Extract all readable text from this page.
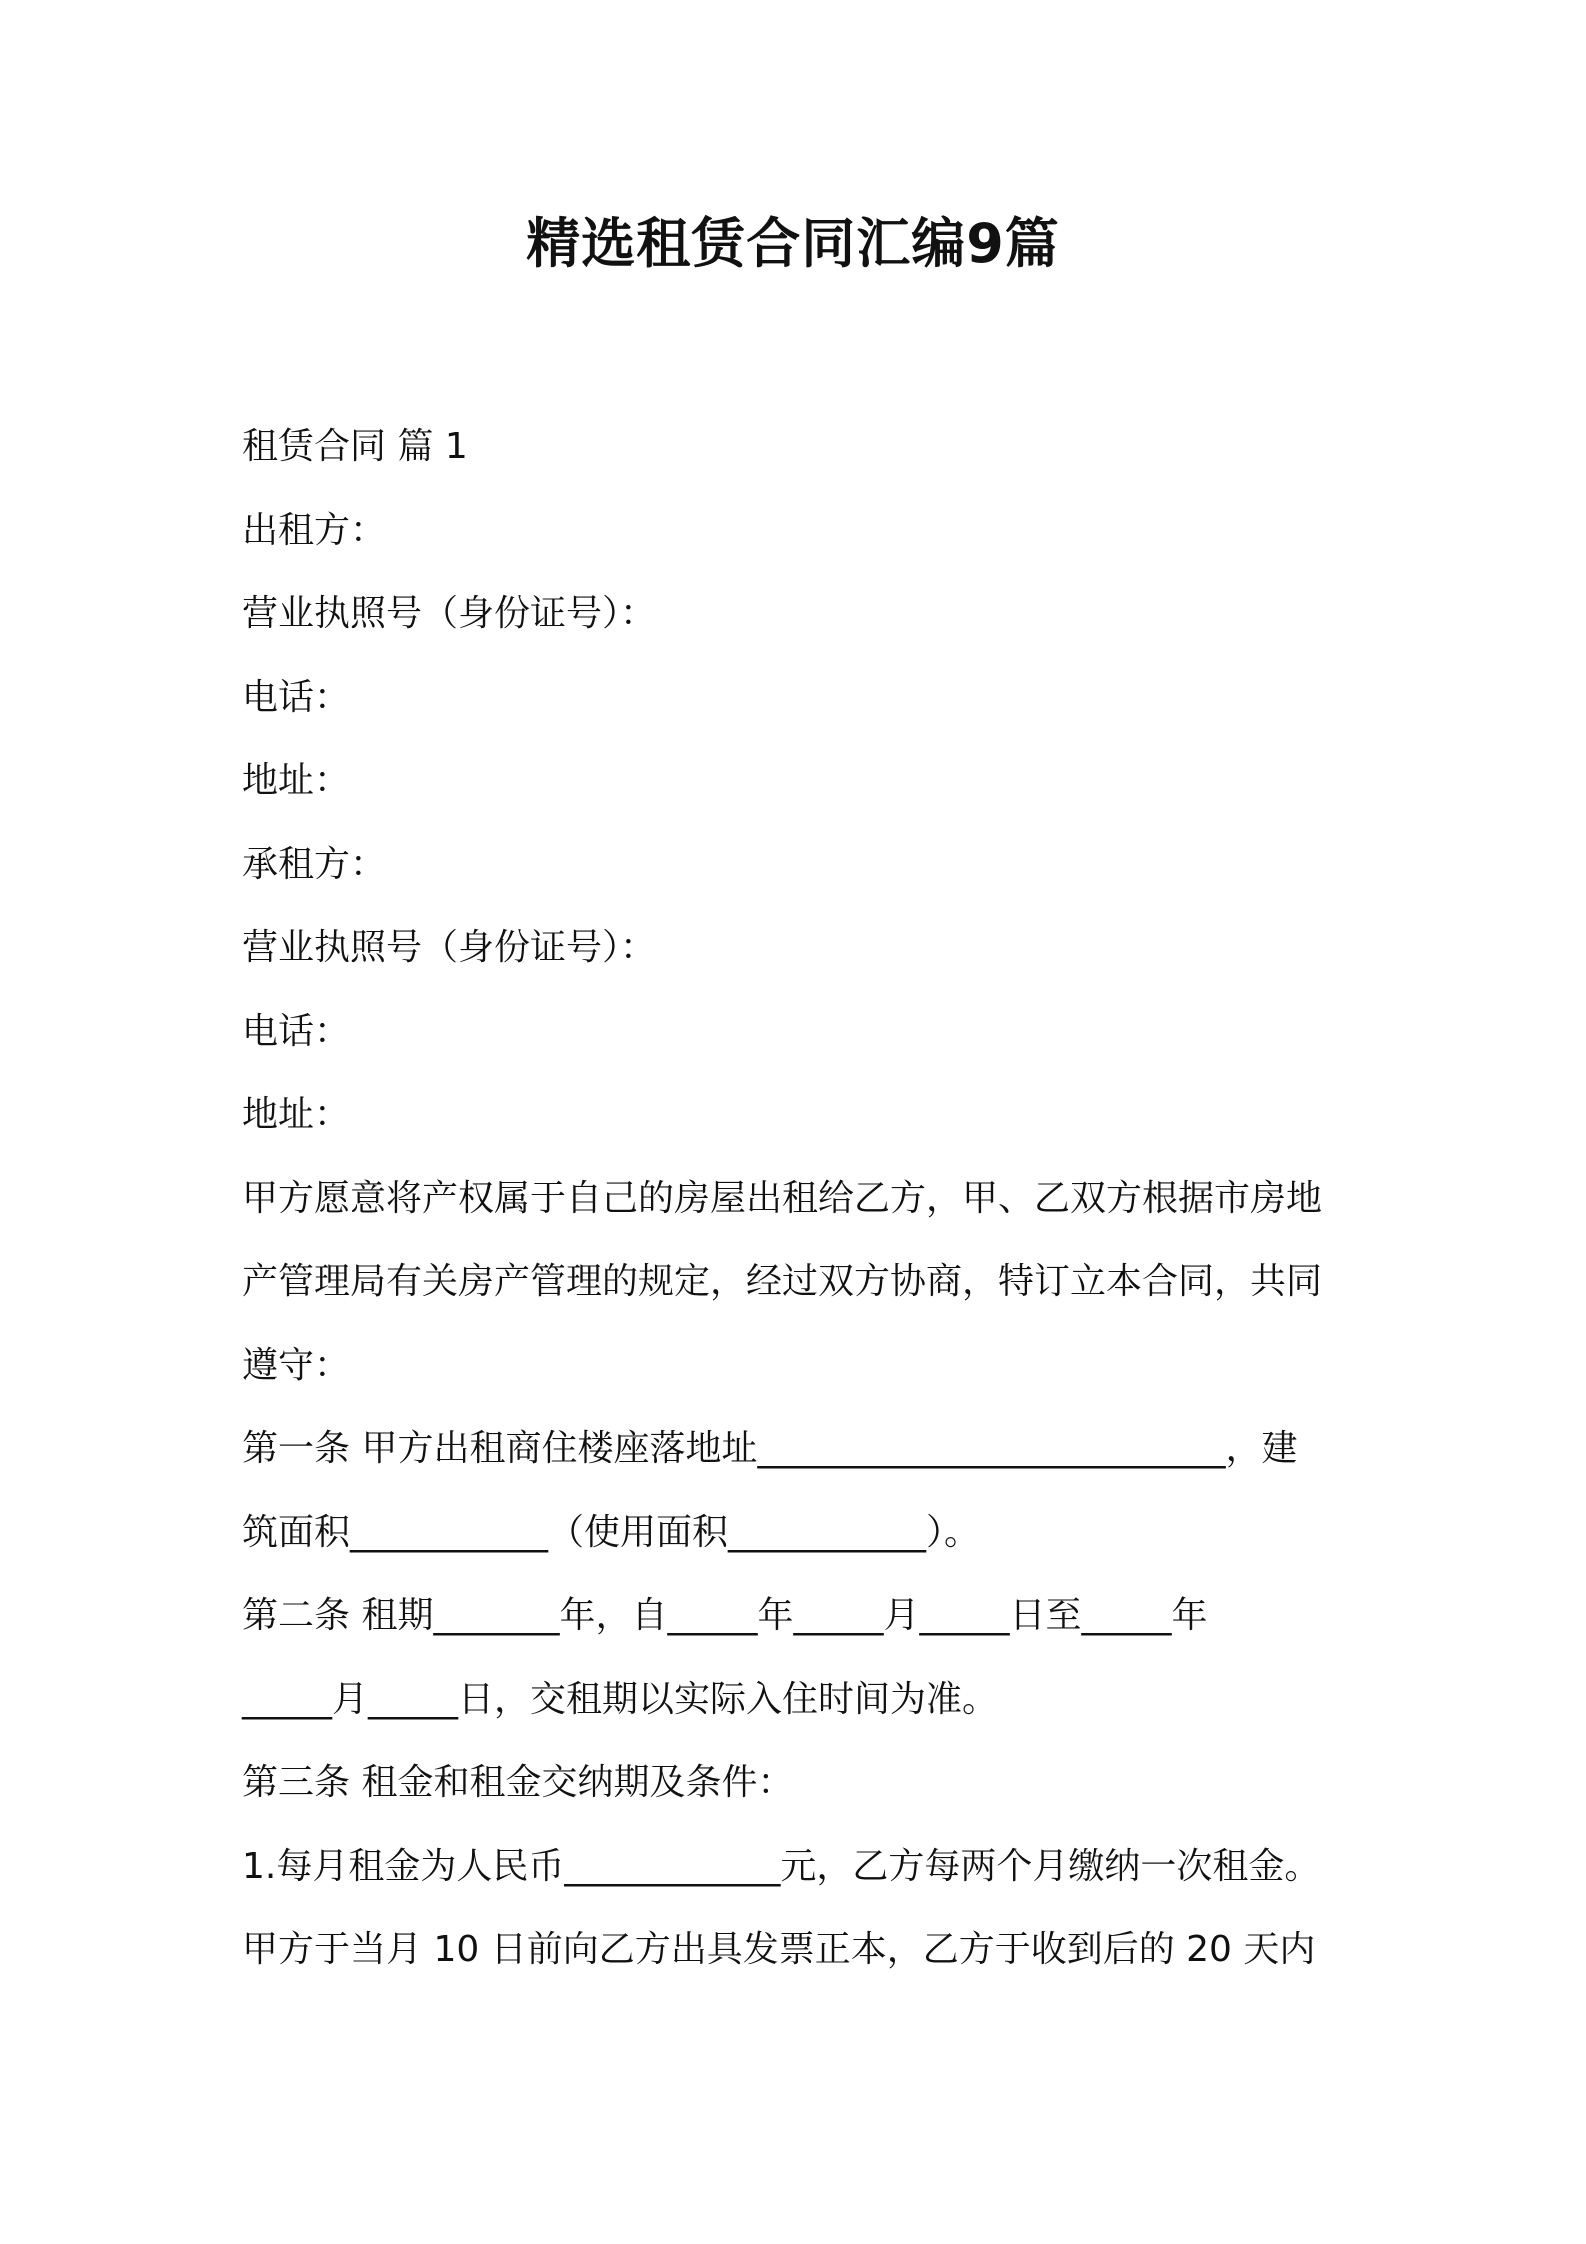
精选租赁合同汇编9篇
租赁合同 篇 1
出租方：
营业执照号（身份证号）：
电话：
地址：
承租方：
营业执照号（身份证号）：
电话：
地址：
甲方愿意将产权属于自己的房屋出租给乙方，甲、乙双方根据市房地
产管理局有关房产管理的规定，经过双方协商，特订立本合同，共同
遵守：
第一条 甲方出租商住楼座落地址__________________________，建
筑面积___________（使用面积___________）。
第二条 租期_______年，自_____年_____月_____日至_____年
_____月_____日，交租期以实际入住时间为准。
第三条 租金和租金交纳期及条件：
1.每月租金为人民币____________元，乙方每两个月缴纳一次租金。
甲方于当月 10 日前向乙方出具发票正本，乙方于收到后的 20 天内
